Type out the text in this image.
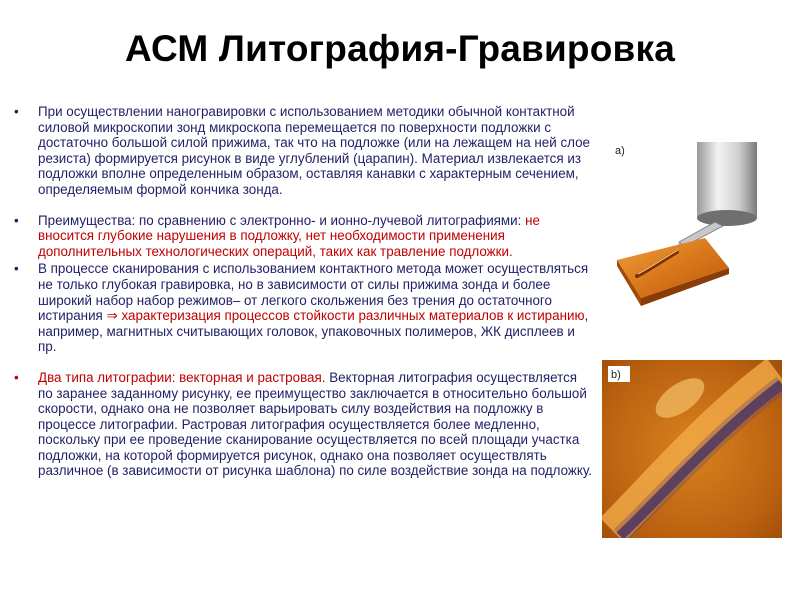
АСМ Литография-Гравировка
• При осуществлении наногравировки с использованием методики обычной контактной силовой микроскопии зонд микроскопа перемещается по поверхности подложки с достаточно большой силой прижима, так что на подложке (или на лежащем на ней слое резиста) формируется рисунок в виде углублений (царапин). Материал извлекается из подложки вполне определенным образом, оставляя канавки с характерным сечением, определяемым формой кончика зонда.
• Преимущества: по сравнению с электронно- и ионно-лучевой литографиями: не вносится глубокие нарушения в подложку, нет необходимости применения дополнительных технологических операций, таких как травление подложки.
• В процессе сканирования с использованием контактного метода может осуществляться не только глубокая гравировка, но в зависимости от силы прижима зонда и более широкий набор набор режимов– от легкого скольжения без трения до остаточного истирания ⇒ характеризация процессов стойкости различных материалов к истиранию, например, магнитных считывающих головок, упаковочных полимеров, ЖК дисплеев и пр.
• Два типа литографии: векторная и растровая. Векторная литография осуществляется по заранее заданному рисунку, ее преимущество заключается в относительно большой скорости, однако она не позволяет варьировать силу воздействия на подложку в процессе литографии. Растровая литография осуществляется более медленно, поскольку при ее проведение сканирование осуществляется по всей площади участка подложки, на которой формируется рисунок, однако она позволяет осуществлять различное (в зависимости от рисунка шаблона) по силе воздействие зонда на подложку.
a)
b)
